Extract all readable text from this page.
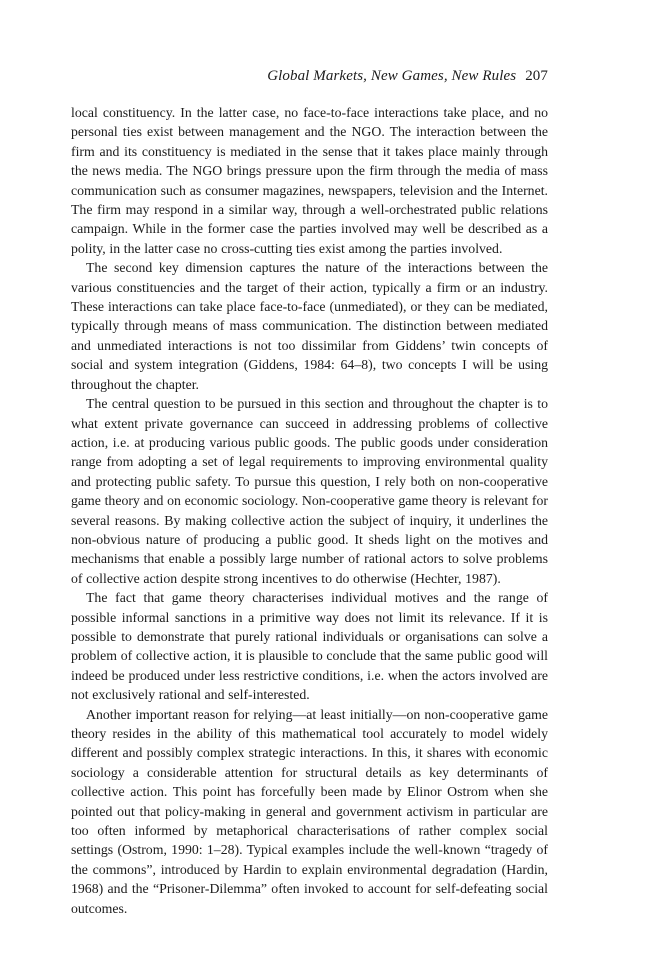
Global Markets, New Games, New Rules 207

local constituency. In the latter case, no face-to-face interactions take place, and no personal ties exist between management and the NGO. The interaction between the firm and its constituency is mediated in the sense that it takes place mainly through the news media. The NGO brings pressure upon the firm through the media of mass communication such as consumer magazines, newspapers, television and the Internet. The firm may respond in a similar way, through a well-orchestrated public relations campaign. While in the former case the parties involved may well be described as a polity, in the latter case no cross-cutting ties exist among the parties involved.

The second key dimension captures the nature of the interactions between the various constituencies and the target of their action, typically a firm or an industry. These interactions can take place face-to-face (unmediated), or they can be mediated, typically through means of mass communication. The distinction between mediated and unmediated interactions is not too dissimilar from Giddens’ twin concepts of social and system integration (Giddens, 1984: 64–8), two concepts I will be using throughout the chapter.

The central question to be pursued in this section and throughout the chapter is to what extent private governance can succeed in addressing problems of collective action, i.e. at producing various public goods. The public goods under consideration range from adopting a set of legal requirements to improving environmental quality and protecting public safety. To pursue this question, I rely both on non-cooperative game theory and on economic sociology. Non-cooperative game theory is relevant for several reasons. By making collective action the subject of inquiry, it underlines the non-obvious nature of producing a public good. It sheds light on the motives and mechanisms that enable a possibly large number of rational actors to solve problems of collective action despite strong incentives to do otherwise (Hechter, 1987).

The fact that game theory characterises individual motives and the range of possible informal sanctions in a primitive way does not limit its relevance. If it is possible to demonstrate that purely rational individuals or organisations can solve a problem of collective action, it is plausible to conclude that the same public good will indeed be produced under less restrictive conditions, i.e. when the actors involved are not exclusively rational and self-interested.

Another important reason for relying—at least initially—on non-cooperative game theory resides in the ability of this mathematical tool accurately to model widely different and possibly complex strategic interactions. In this, it shares with economic sociology a considerable attention for structural details as key determinants of collective action. This point has forcefully been made by Elinor Ostrom when she pointed out that policy-making in general and government activism in particular are too often informed by metaphorical characterisations of rather complex social settings (Ostrom, 1990: 1–28). Typical examples include the well-known “tragedy of the commons”, introduced by Hardin to explain environmental degradation (Hardin, 1968) and the “Prisoner-Dilemma” often invoked to account for self-defeating social outcomes.
